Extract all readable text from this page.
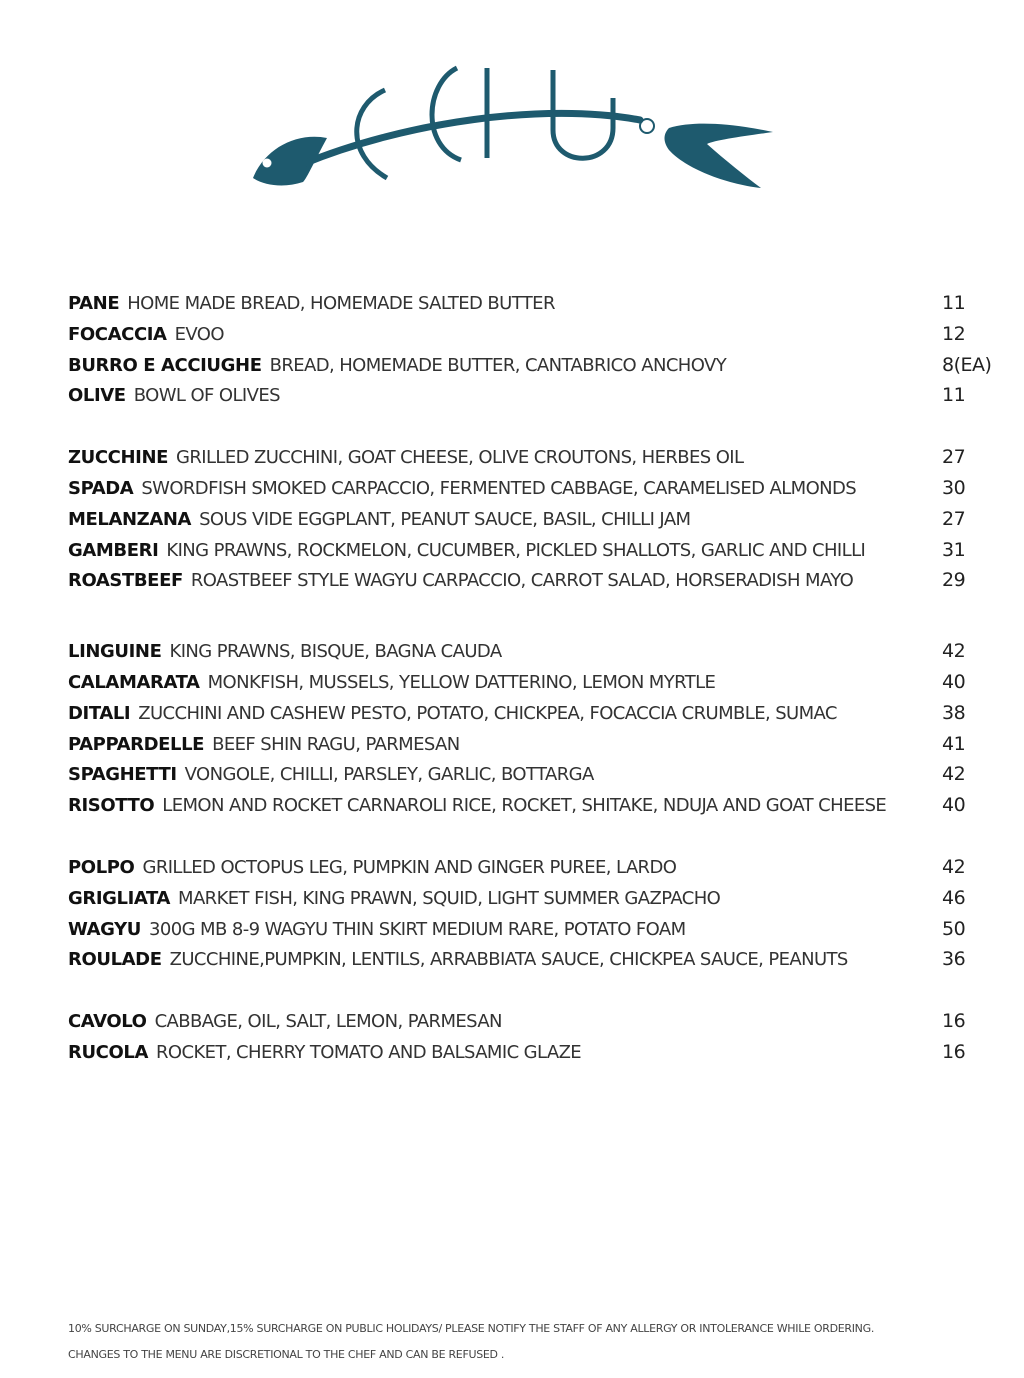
PANE HOME MADE BREAD, HOMEMADE SALTED BUTTER	11
FOCACCIA EVOO	12
BURRO E ACCIUGHE BREAD, HOMEMADE BUTTER, CANTABRICO ANCHOVY	8(EA)
OLIVE BOWL OF OLIVES	11
ZUCCHINE GRILLED ZUCCHINI, GOAT CHEESE, OLIVE CROUTONS, HERBES OIL	27
SPADA SWORDFISH SMOKED CARPACCIO, FERMENTED CABBAGE, CARAMELISED ALMONDS	30
MELANZANA SOUS VIDE EGGPLANT, PEANUT SAUCE, BASIL, CHILLI JAM	27
GAMBERI KING PRAWNS, ROCKMELON, CUCUMBER, PICKLED SHALLOTS, GARLIC AND CHILLI	31
ROASTBEEF ROASTBEEF STYLE WAGYU CARPACCIO, CARROT SALAD, HORSERADISH MAYO	29
LINGUINE KING PRAWNS, BISQUE, BAGNA CAUDA	42
CALAMARATA MONKFISH, MUSSELS, YELLOW DATTERINO, LEMON MYRTLE	40
DITALI ZUCCHINI AND CASHEW PESTO, POTATO, CHICKPEA, FOCACCIA CRUMBLE, SUMAC	38
PAPPARDELLE BEEF SHIN RAGU, PARMESAN	41
SPAGHETTI VONGOLE, CHILLI, PARSLEY, GARLIC, BOTTARGA	42
RISOTTO LEMON AND ROCKET CARNAROLI RICE, ROCKET, SHITAKE, NDUJA AND GOAT CHEESE	40
POLPO GRILLED OCTOPUS LEG, PUMPKIN AND GINGER PUREE, LARDO	42
GRIGLIATA MARKET FISH, KING PRAWN, SQUID, LIGHT SUMMER GAZPACHO	46
WAGYU 300G MB 8-9 WAGYU THIN SKIRT MEDIUM RARE, POTATO FOAM	50
ROULADE ZUCCHINE,PUMPKIN, LENTILS, ARRABBIATA SAUCE, CHICKPEA SAUCE, PEANUTS	36
CAVOLO CABBAGE, OIL, SALT, LEMON, PARMESAN	16
RUCOLA ROCKET, CHERRY TOMATO AND BALSAMIC GLAZE	16

10% SURCHARGE ON SUNDAY,15% SURCHARGE ON PUBLIC HOLIDAYS/ PLEASE NOTIFY THE STAFF OF ANY ALLERGY OR INTOLERANCE WHILE ORDERING.

CHANGES TO THE MENU ARE DISCRETIONAL TO THE CHEF AND CAN BE REFUSED .
